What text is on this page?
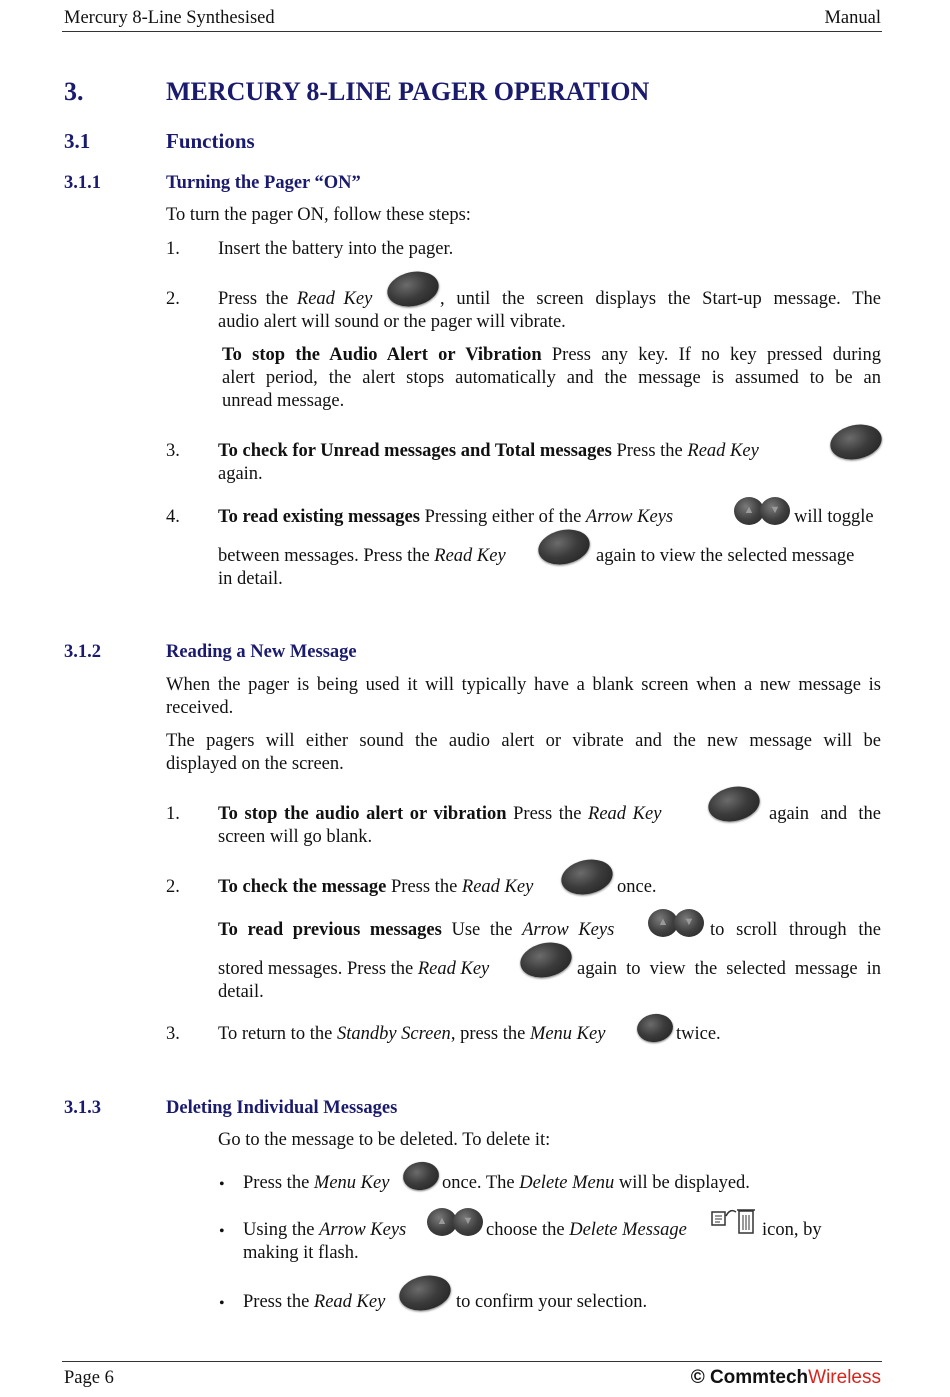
Mercury 8-Line Synthesised	Manual
3.	MERCURY 8-LINE PAGER OPERATION
3.1	Functions
3.1.1	Turning the Pager “ON”
To turn the pager ON, follow these steps:
1. Insert the battery into the pager.
2. Press the Read Key	, until the screen displays the Start-up message. The
audio alert will sound or the pager will vibrate.
To stop the Audio Alert or Vibration Press any key. If no key pressed during
alert period, the alert stops automatically and the message is assumed to be an
unread message.
3. To check for Unread messages and Total messages Press the Read Key
again.
4. To read existing messages Pressing either of the Arrow Keys	▲	▼ will toggle
between messages. Press the Read Key	again to view the selected message
in detail.
3.1.2	Reading a New Message
When the pager is being used it will typically have a blank screen when a new message is
received.
The pagers will either sound the audio alert or vibrate and the new message will be
displayed on the screen.
1. To stop the audio alert or vibration Press the Read Key	again and the
screen will go blank.
2. To check the message Press the Read Key	once.
To read previous messages Use the Arrow Keys	▲	▼ to scroll through the
stored messages. Press the Read Key	again to view the selected message in
detail.
3. To return to the Standby Screen, press the Menu Key	twice.
3.1.3	Deleting Individual Messages
Go to the message to be deleted. To delete it:
• Press the Menu Key	once. The Delete Menu will be displayed.
• Using the Arrow Keys	▲	▼ choose the Delete Message	icon, by
making it flash.
• Press the Read Key	to confirm your selection.
Page 6	© CommtechWireless
